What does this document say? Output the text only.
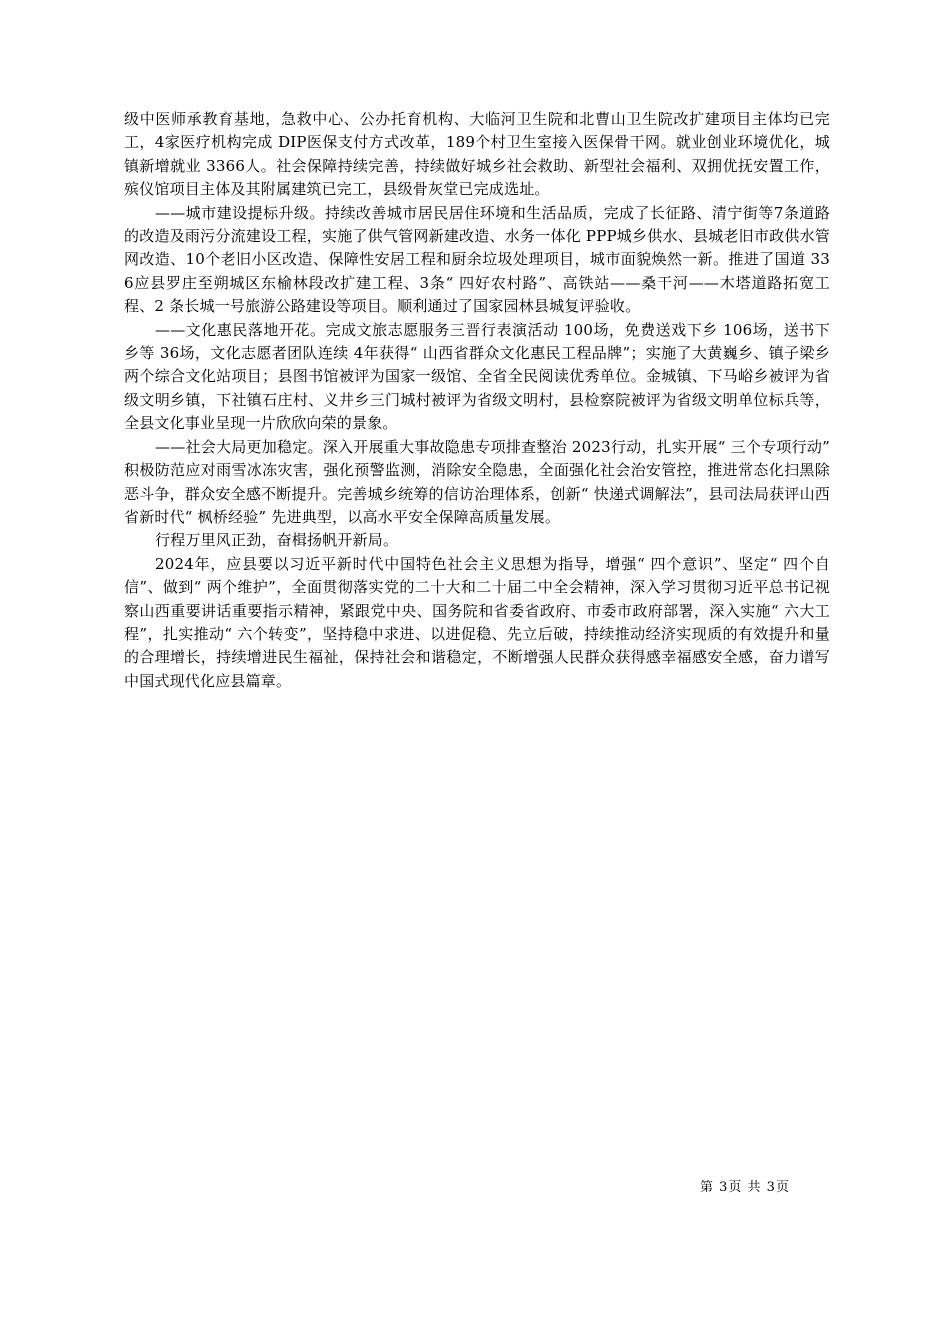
级中医师承教育基地，急救中心、公办托育机构、大临河卫生院和北曹山卫生院改扩建项目主体均已完工，4家医疗机构完成 DIP医保支付方式改革，189个村卫生室接入医保骨干网。就业创业环境优化，城镇新增就业 3366人。社会保障持续完善，持续做好城乡社会救助、新型社会福利、双拥优抚安置工作，殡仪馆项目主体及其附属建筑已完工，县级骨灰堂已完成选址。

——城市建设提标升级。持续改善城市居民居住环境和生活品质，完成了长征路、清宁街等7条道路的改造及雨污分流建设工程，实施了供气管网新建改造、水务一体化 PPP城乡供水、县城老旧市政供水管网改造、10个老旧小区改造、保障性安居工程和厨余垃圾处理项目，城市面貌焕然一新。推进了国道 336应县罗庄至朔城区东榆林段改扩建工程、3条“ 四好农村路”、高铁站——桑干河——木塔道路拓宽工程、2 条长城一号旅游公路建设等项目。顺利通过了国家园林县城复评验收。

——文化惠民落地开花。完成文旅志愿服务三晋行表演活动 100场，免费送戏下乡 106场，送书下乡等 36场，文化志愿者团队连续 4年获得“ 山西省群众文化惠民工程品牌”；实施了大黄巍乡、镇子梁乡两个综合文化站项目；县图书馆被评为国家一级馆、全省全民阅读优秀单位。金城镇、下马峪乡被评为省级文明乡镇，下社镇石庄村、义井乡三门城村被评为省级文明村，县检察院被评为省级文明单位标兵等，全县文化事业呈现一片欣欣向荣的景象。

——社会大局更加稳定。深入开展重大事故隐患专项排查整治 2023行动，扎实开展“ 三个专项行动” 积极防范应对雨雪冰冻灾害，强化预警监测，消除安全隐患，全面强化社会治安管控，推进常态化扫黑除恶斗争，群众安全感不断提升。完善城乡统筹的信访治理体系，创新“ 快递式调解法”，县司法局获评山西省新时代“ 枫桥经验” 先进典型，以高水平安全保障高质量发展。

行程万里风正劲，奋楫扬帆开新局。

2024年，应县要以习近平新时代中国特色社会主义思想为指导，增强“ 四个意识”、坚定“ 四个自信”、做到“ 两个维护”，全面贯彻落实党的二十大和二十届二中全会精神，深入学习贯彻习近平总书记视察山西重要讲话重要指示精神，紧跟党中央、国务院和省委省政府、市委市政府部署，深入实施“ 六大工程”，扎实推动“ 六个转变”，坚持稳中求进、以进促稳、先立后破，持续推动经济实现质的有效提升和量的合理增长，持续增进民生福祉，保持社会和谐稳定，不断增强人民群众获得感幸福感安全感，奋力谱写中国式现代化应县篇章。

第 3页 共 3页
